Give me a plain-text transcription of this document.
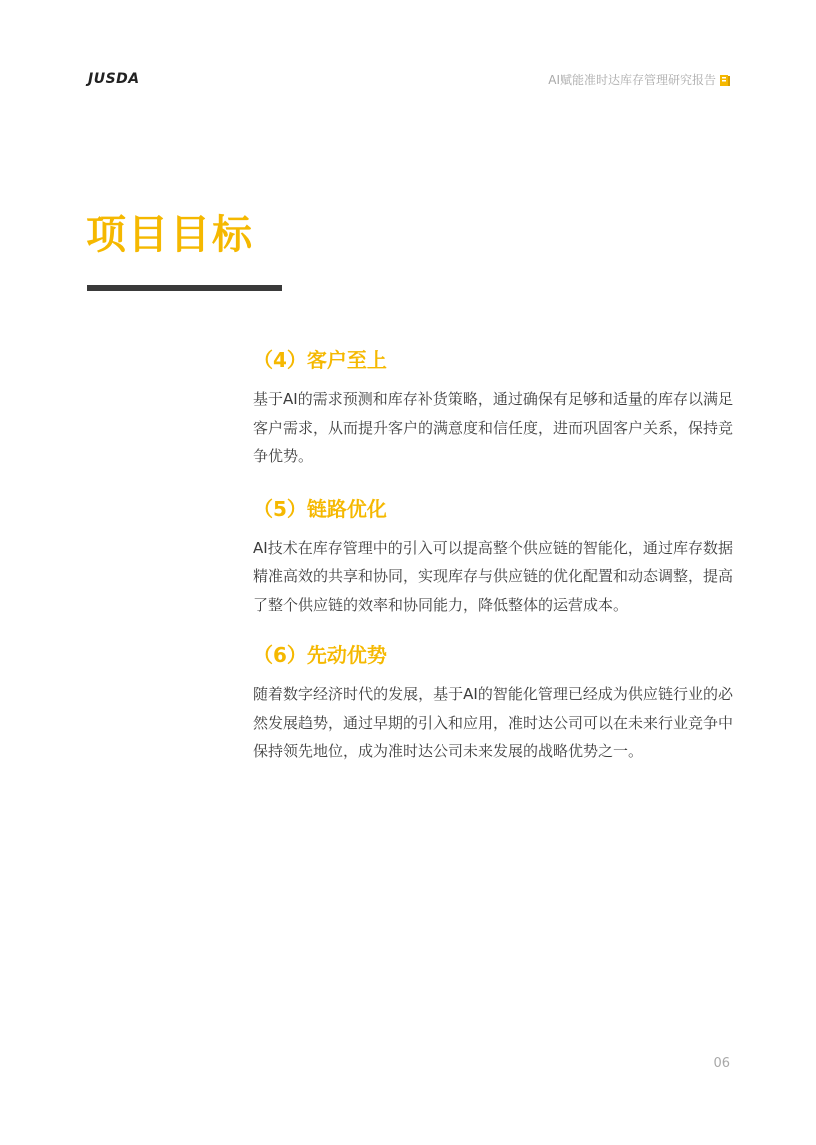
JUSDA	AI赋能准时达库存管理研究报告
项目目标
（4）客户至上

基于AI的需求预测和库存补货策略，通过确保有足够和适量的库存以满足客户需求，从而提升客户的满意度和信任度，进而巩固客户关系，保持竞争优势。

（5）链路优化

AI技术在库存管理中的引入可以提高整个供应链的智能化，通过库存数据精准高效的共享和协同，实现库存与供应链的优化配置和动态调整，提高了整个供应链的效率和协同能力，降低整体的运营成本。

（6）先动优势

随着数字经济时代的发展，基于AI的智能化管理已经成为供应链行业的必然发展趋势，通过早期的引入和应用，准时达公司可以在未来行业竞争中保持领先地位，成为准时达公司未来发展的战略优势之一。

06
